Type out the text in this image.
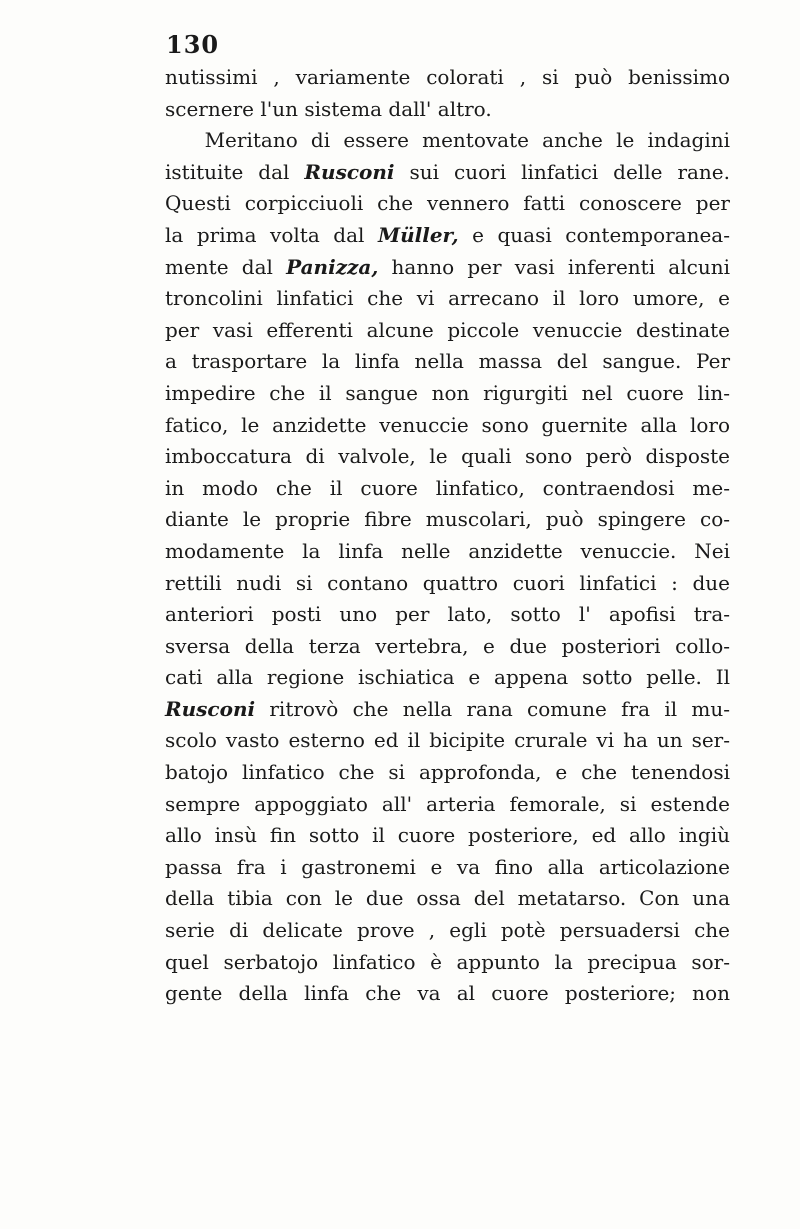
130
nutissimi , variamente colorati , si può benissimo
scernere l'un sistema dall' altro.
Meritano di essere mentovate anche le indagini
istituite dal Rusconi sui cuori linfatici delle rane.
Questi corpicciuoli che vennero fatti conoscere per
la prima volta dal Müller, e quasi contemporanea-
mente dal Panizza, hanno per vasi inferenti alcuni
troncolini linfatici che vi arrecano il loro umore, e
per vasi efferenti alcune piccole venuccie destinate
a trasportare la linfa nella massa del sangue. Per
impedire che il sangue non rigurgiti nel cuore lin-
fatico, le anzidette venuccie sono guernite alla loro
imboccatura di valvole, le quali sono però disposte
in modo che il cuore linfatico, contraendosi me-
diante le proprie fibre muscolari, può spingere co-
modamente la linfa nelle anzidette venuccie. Nei
rettili nudi si contano quattro cuori linfatici : due
anteriori posti uno per lato, sotto l' apofisi tra-
sversa della terza vertebra, e due posteriori collo-
cati alla regione ischiatica e appena sotto pelle. Il
Rusconi ritrovò che nella rana comune fra il mu-
scolo vasto esterno ed il bicipite crurale vi ha un ser-
batojo linfatico che si approfonda, e che tenendosi
sempre appoggiato all' arteria femorale, si estende
allo insù fin sotto il cuore posteriore, ed allo ingiù
passa fra i gastronemi e va fino alla articolazione
della tibia con le due ossa del metatarso. Con una
serie di delicate prove , egli potè persuadersi che
quel serbatojo linfatico è appunto la precipua sor-
gente della linfa che va al cuore posteriore; non
